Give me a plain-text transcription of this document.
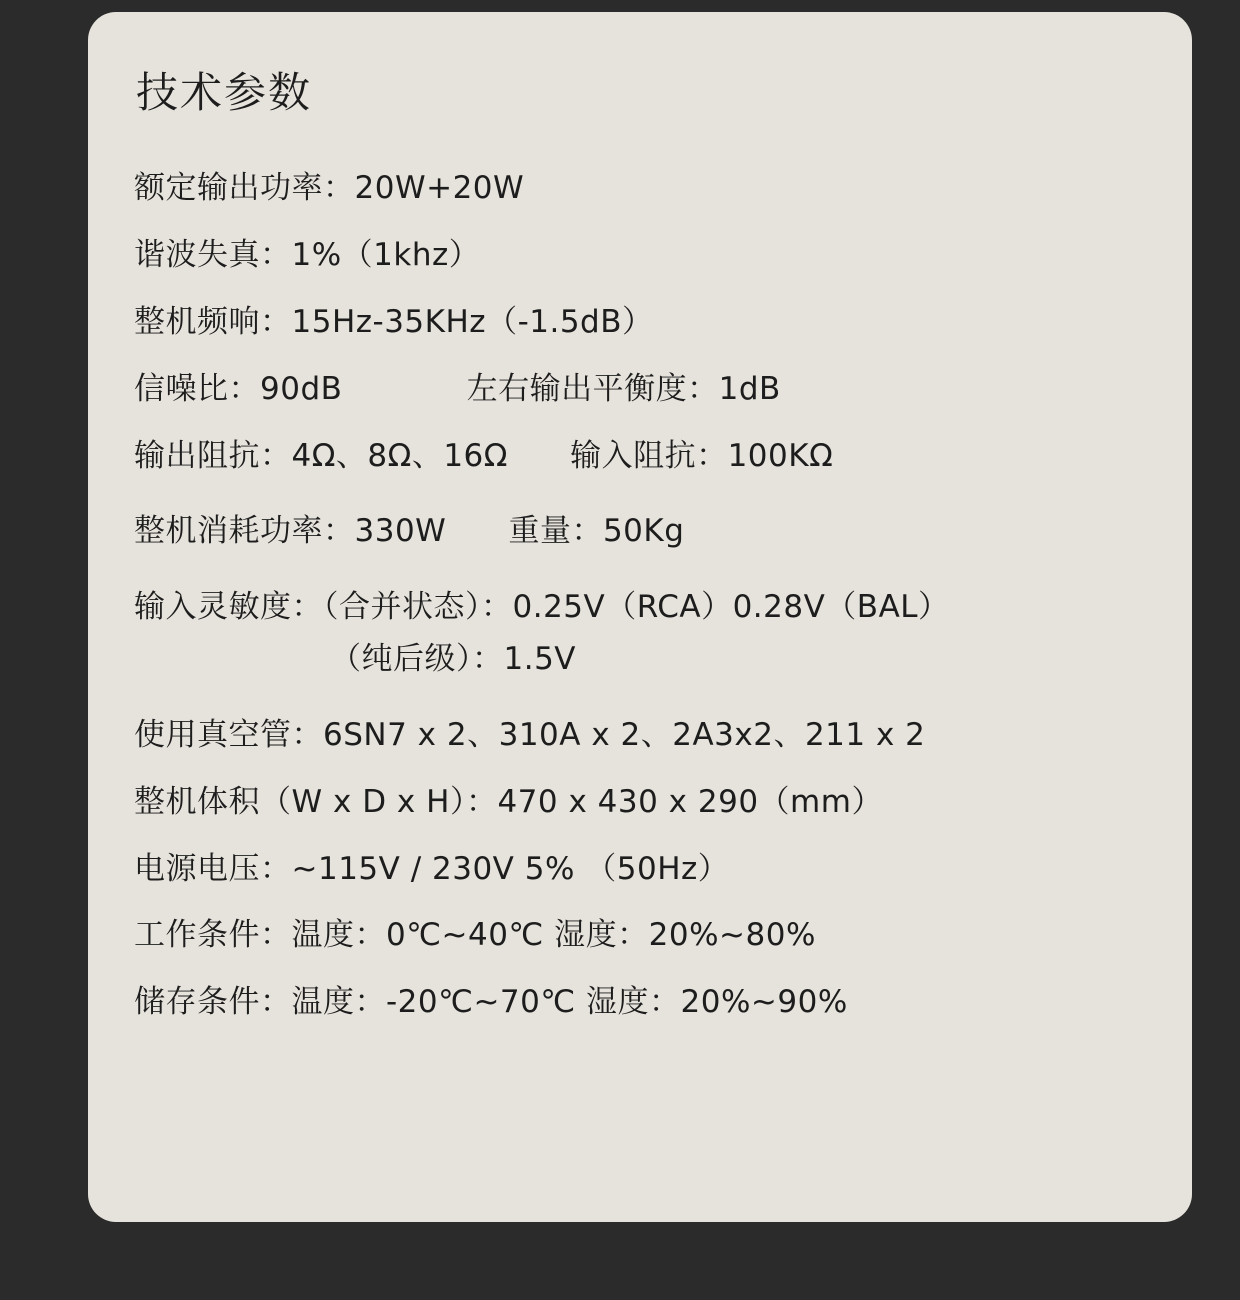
技术参数
额定输出功率：20W+20W
谐波失真：1%（1khz）
整机频响：15Hz-35KHz（-1.5dB）
信噪比：90dB            左右输出平衡度：1dB
输出阻抗：4Ω、8Ω、16Ω      输入阻抗：100KΩ
整机消耗功率：330W      重量：50Kg
输入灵敏度：（合并状态）：0.25V（RCA）0.28V（BAL）
（纯后级）：1.5V
使用真空管：6SN7 x 2、310A x 2、2A3x2、211 x 2
整机体积（W x D x H）：470 x 430 x 290（mm）
电源电压：~115V / 230V 5% （50Hz）
工作条件：温度：0℃~40℃ 湿度：20%~80%
储存条件：温度：-20℃~70℃ 湿度：20%~90%
